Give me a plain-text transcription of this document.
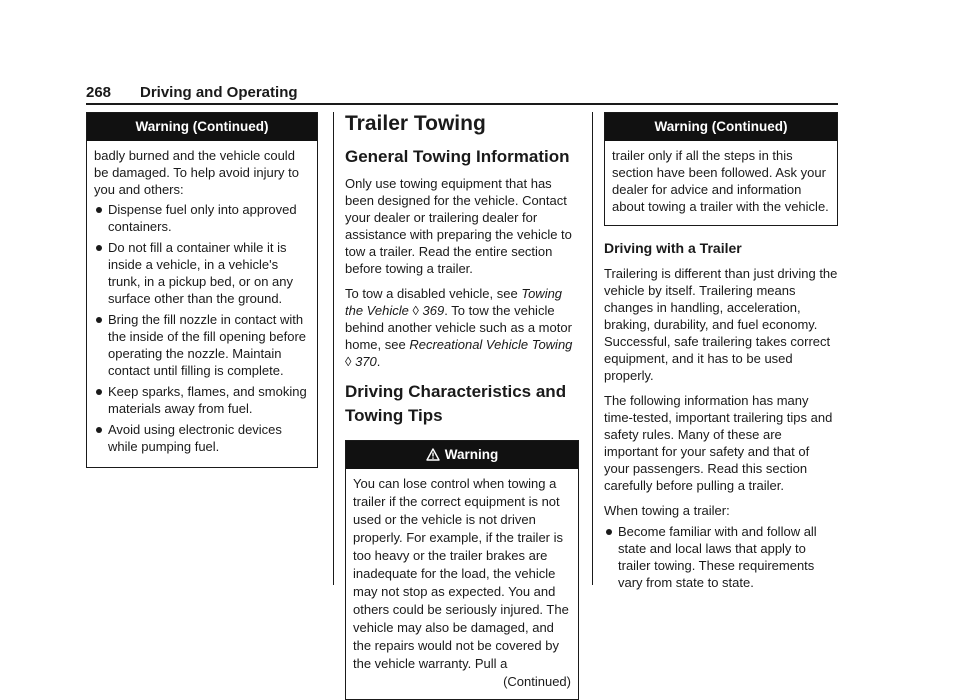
268 Driving and Operating
Warning (Continued)

badly burned and the vehicle could be damaged. To help avoid injury to you and others:

Dispense fuel only into approved containers.
Do not fill a container while it is inside a vehicle, in a vehicle's trunk, in a pickup bed, or on any surface other than the ground.
Bring the fill nozzle in contact with the inside of the fill opening before operating the nozzle. Maintain contact until filling is complete.
Keep sparks, flames, and smoking materials away from fuel.
Avoid using electronic devices while pumping fuel.
Trailer Towing
General Towing Information

Only use towing equipment that has been designed for the vehicle. Contact your dealer or trailering dealer for assistance with preparing the vehicle to tow a trailer. Read the entire section before towing a trailer.

To tow a disabled vehicle, see Towing the Vehicle ◊ 369. To tow the vehicle behind another vehicle such as a motor home, see Recreational Vehicle Towing ◊ 370.

Driving Characteristics and Towing Tips
Warning

You can lose control when towing a trailer if the correct equipment is not used or the vehicle is not driven properly. For example, if the trailer is too heavy or the trailer brakes are inadequate for the load, the vehicle may not stop as expected. You and others could be seriously injured. The vehicle may also be damaged, and the repairs would not be covered by the vehicle warranty. Pull a

(Continued)
Warning (Continued)

trailer only if all the steps in this section have been followed. Ask your dealer for advice and information about towing a trailer with the vehicle.

Driving with a Trailer

Trailering is different than just driving the vehicle by itself. Trailering means changes in handling, acceleration, braking, durability, and fuel economy. Successful, safe trailering takes correct equipment, and it has to be used properly.

The following information has many time-tested, important trailering tips and safety rules. Many of these are important for your safety and that of your passengers. Read this section carefully before pulling a trailer.

When towing a trailer:

Become familiar with and follow all state and local laws that apply to trailer towing. These requirements vary from state to state.
